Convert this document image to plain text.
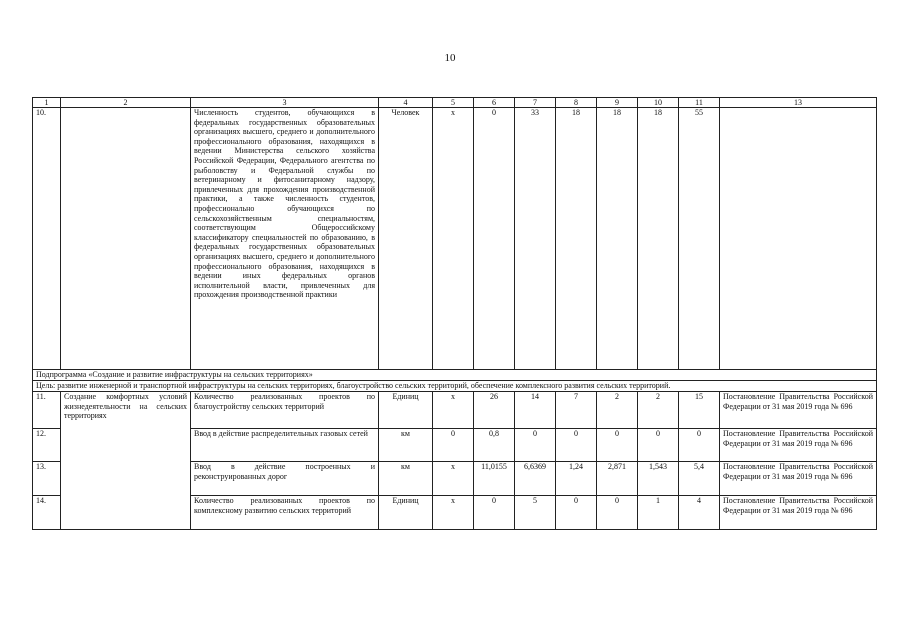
10
1	2	3	4	5	6	7	8	9	10	11	13
10.		Численность студентов, обучающихся в федеральных государственных образовательных организациях высшего, среднего и дополнительного профессионального образования, находящихся в ведении Министерства сельского хозяйства Российской Федерации, Федерального агентства по рыболовству и Федеральной службы по ветеринарному и фитосанитарному надзору, привлеченных для прохождения производственной практики, а также численность студентов, профессионально обучающихся по сельскохозяйственным специальностям, соответствующим Общероссийскому классификатору специальностей по образованию, в федеральных государственных образовательных организациях высшего, среднего и дополнительного профессионального образования, находящихся в ведении иных федеральных органов исполнительной власти, привлеченных для прохождения производственной практики	Человек	х	0	33	18	18	18	55	
Подпрограмма «Создание и развитие инфраструктуры на сельских территориях»											
Цель: развитие инженерной и транспортной инфраструктуры на сельских территориях, благоустройство сельских территорий, обеспечение комплексного развития сельских территорий.											
11.	Создание комфортных условий жизнедеятельности на сельских территориях	Количество реализованных проектов по благоустройству сельских территорий	Единиц	х	26	14	7	2	2	15	Постановление Правительства Российской Федерации от 31 мая 2019 года № 696
12.		Ввод в действие распределительных газовых сетей	км	0	0,8	0	0	0	0	0	Постановление Правительства Российской Федерации от 31 мая 2019 года № 696
13.		Ввод в действие построенных и реконструированных дорог	км	х	11,0155	6,6369	1,24	2,871	1,543	5,4	Постановление Правительства Российской Федерации от 31 мая 2019 года № 696
14.		Количество реализованных проектов по комплексному развитию сельских территорий	Единиц	х	0	5	0	0	1	4	Постановление Правительства Российской Федерации от 31 мая 2019 года № 696
